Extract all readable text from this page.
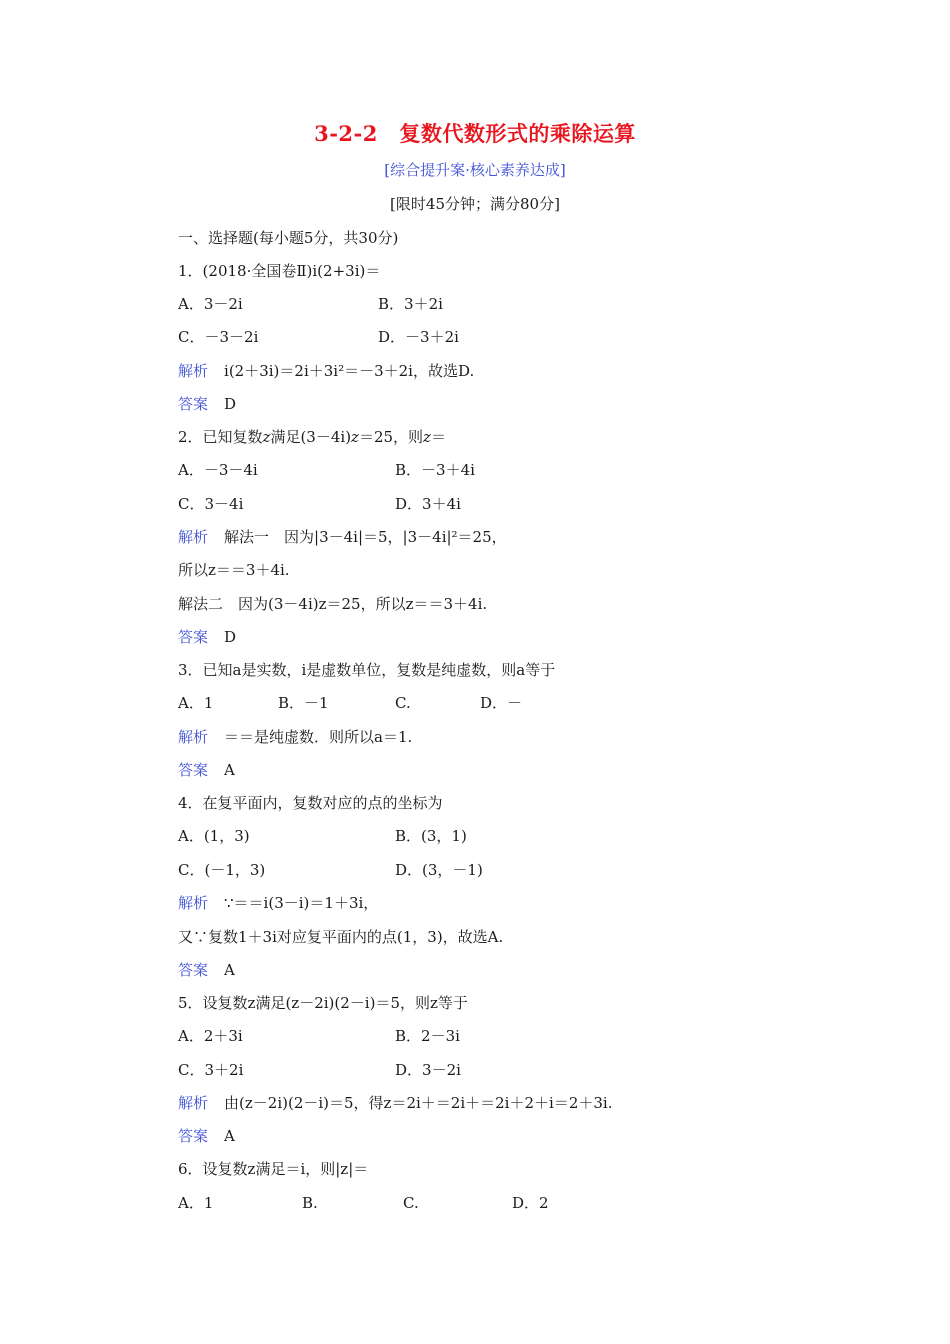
3-2-2　复数代数形式的乘除运算
[综合提升案·核心素养达成]
[限时45分钟；满分80分]
一、选择题(每小题5分，共30分)
1．(2018·全国卷Ⅱ)i(2+3i)＝
A．3－2i	B．3＋2i
C．－3－2i	D．－3＋2i
解析 i(2＋3i)＝2i＋3i²＝－3＋2i，故选D.
答案 D
2．已知复数z满足(3－4i)z＝25，则z＝
A．－3－4i	B．－3＋4i
C．3－4i	D．3＋4i
解析 解法一　因为|3－4i|＝5，|3－4i|²＝25，
所以z＝＝3＋4i.
解法二　因为(3－4i)z＝25，所以z＝＝3＋4i.
答案 D
3．已知a是实数，i是虚数单位，复数是纯虚数，则a等于
A．1	B．－1	C.	D．－
解析 ＝＝是纯虚数．则所以a＝1.
答案 A
4．在复平面内，复数对应的点的坐标为
A．(1，3)	B．(3，1)
C．(－1，3)	D．(3，－1)
解析 ∵＝＝i(3－i)＝1＋3i，
又∵复数1＋3i对应复平面内的点(1，3)，故选A.
答案 A
5．设复数z满足(z－2i)(2－i)＝5，则z等于
A．2＋3i	B．2－3i
C．3＋2i	D．3－2i
解析 由(z－2i)(2－i)＝5，得z＝2i＋＝2i＋＝2i＋2＋i＝2＋3i.
答案 A
6．设复数z满足＝i，则|z|＝
A．1	B.	C.	D．2
